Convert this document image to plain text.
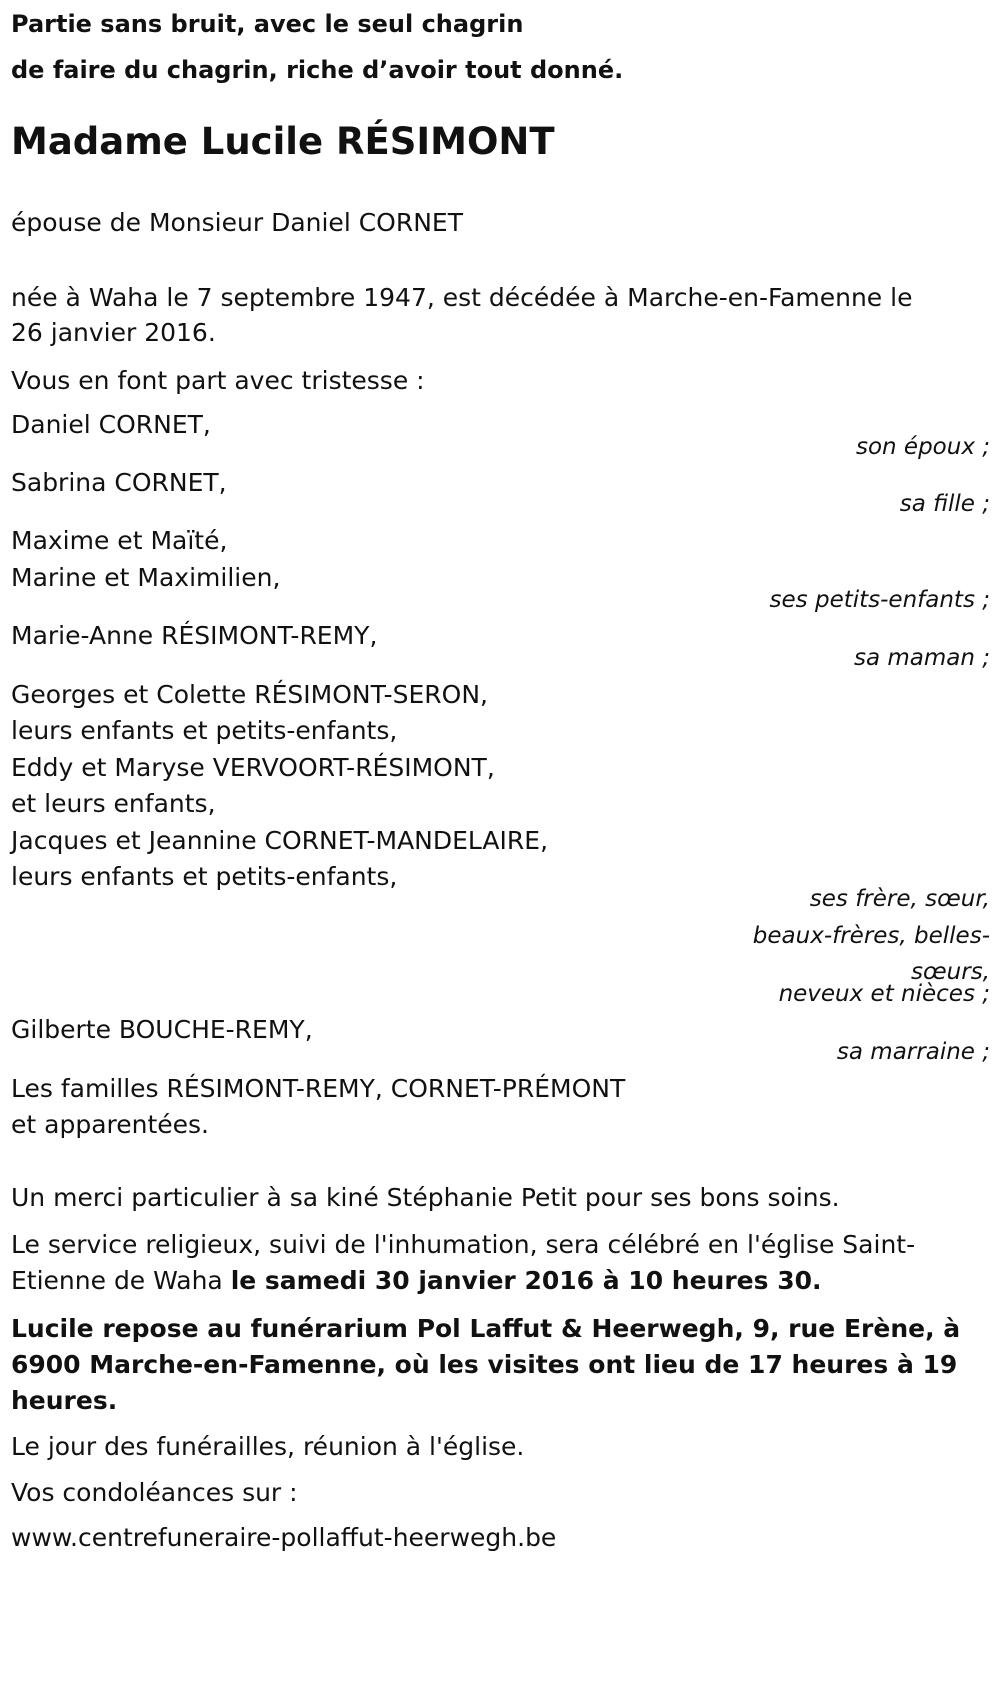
Partie sans bruit, avec le seul chagrin

de faire du chagrin, riche d’avoir tout donné.

Madame Lucile RÉSIMONT

épouse de Monsieur Daniel CORNET

née à Waha le 7 septembre 1947, est décédée à Marche-en-Famenne le

26 janvier 2016.

Vous en font part avec tristesse :

Daniel CORNET,

son époux ;

Sabrina CORNET,

sa fille ;

Maxime et Maïté,

Marine et Maximilien,

ses petits-enfants ;

Marie-Anne RÉSIMONT-REMY,

sa maman ;

Georges et Colette RÉSIMONT-SERON,

leurs enfants et petits-enfants,

Eddy et Maryse VERVOORT-RÉSIMONT,

et leurs enfants,

Jacques et Jeannine CORNET-MANDELAIRE,

leurs enfants et petits-enfants,

ses frère, sœur,

beaux-frères, belles-

sœurs,

neveux et nièces ;

Gilberte BOUCHE-REMY,

sa marraine ;

Les familles RÉSIMONT-REMY, CORNET-PRÉMONT

et apparentées.

Un merci particulier à sa kiné Stéphanie Petit pour ses bons soins.

Le service religieux, suivi de l'inhumation, sera célébré en l'église Saint-

Etienne de Waha le samedi 30 janvier 2016 à 10 heures 30.

Lucile repose au funérarium Pol Laffut & Heerwegh, 9, rue Erène, à

6900 Marche-en-Famenne, où les visites ont lieu de 17 heures à 19

heures.

Le jour des funérailles, réunion à l'église.

Vos condoléances sur :

www.centrefuneraire-pollaffut-heerwegh.be
